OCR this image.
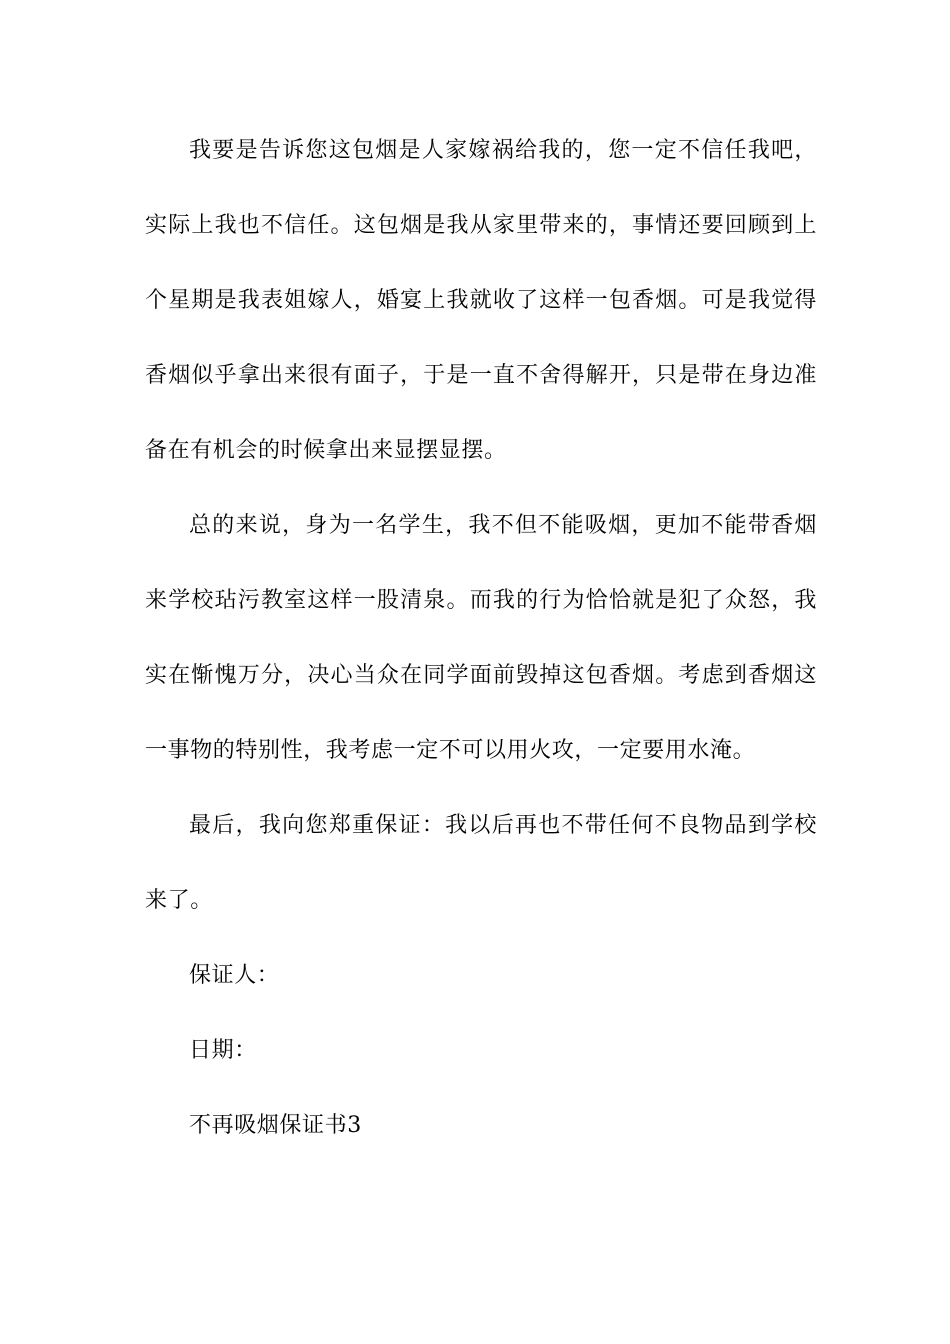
我要是告诉您这包烟是人家嫁祸给我的，您一定不信任我吧，实际上我也不信任。这包烟是我从家里带来的，事情还要回顾到上个星期是我表姐嫁人，婚宴上我就收了这样一包香烟。可是我觉得香烟似乎拿出来很有面子，于是一直不舍得解开，只是带在身边准备在有机会的时候拿出来显摆显摆。

总的来说，身为一名学生，我不但不能吸烟，更加不能带香烟来学校玷污教室这样一股清泉。而我的行为恰恰就是犯了众怒，我实在惭愧万分，决心当众在同学面前毁掉这包香烟。考虑到香烟这一事物的特别性，我考虑一定不可以用火攻，一定要用水淹。

最后，我向您郑重保证：我以后再也不带任何不良物品到学校来了。

保证人：

日期：

不再吸烟保证书3
